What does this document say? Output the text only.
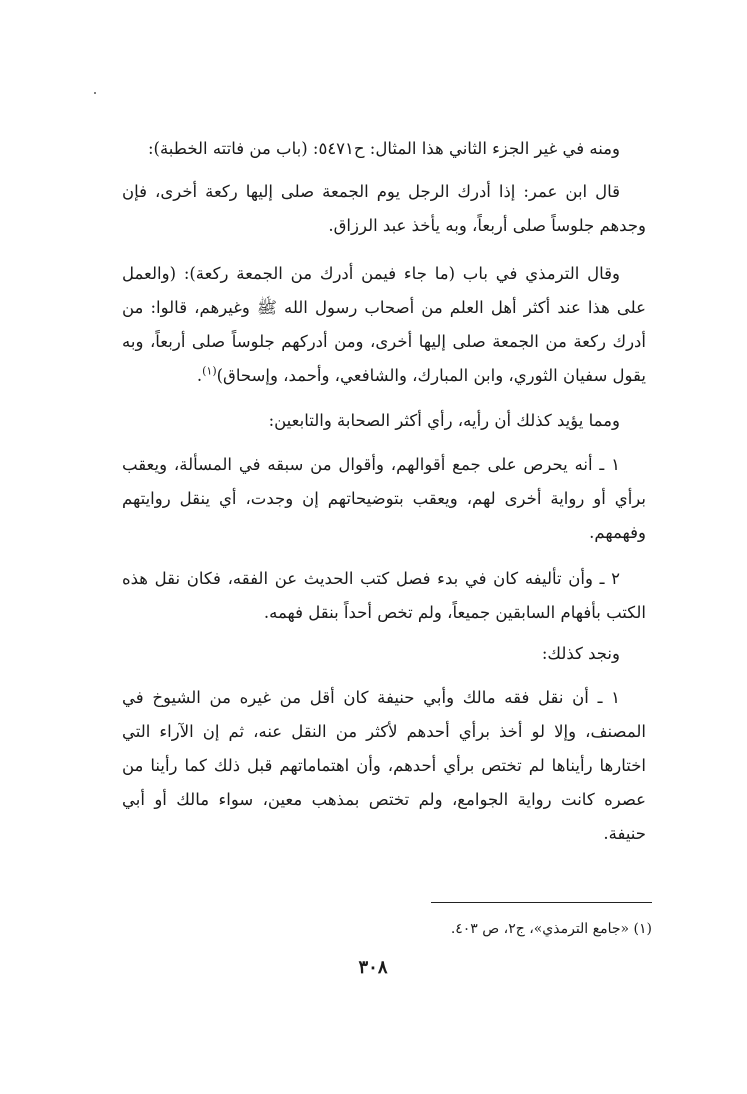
ومنه في غير الجزء الثاني هذا المثال: ح٥٤٧١: (باب من فاتته الخطبة):

قال ابن عمر: إذا أدرك الرجل يوم الجمعة صلى إليها ركعة أخرى، فإن وجدهم جلوساً صلى أربعاً، وبه يأخذ عبد الرزاق.

وقال الترمذي في باب (ما جاء فيمن أدرك من الجمعة ركعة): (والعمل على هذا عند أكثر أهل العلم من أصحاب رسول الله ﷺ وغيرهم، قالوا: من أدرك ركعة من الجمعة صلى إليها أخرى، ومن أدركهم جلوساً صلى أربعاً، وبه يقول سفيان الثوري، وابن المبارك، والشافعي، وأحمد، وإسحاق)$^{(١)}$.

ومما يؤيد كذلك أن رأيه، رأي أكثر الصحابة والتابعين:

١ ـ أنه يحرص على جمع أقوالهم، وأقوال من سبقه في المسألة، ويعقب برأي أو رواية أخرى لهم، ويعقب بتوضيحاتهم إن وجدت، أي ينقل روايتهم وفهمهم.

٢ ـ وأن تأليفه كان في بدء فصل كتب الحديث عن الفقه، فكان نقل هذه الكتب بأفهام السابقين جميعاً، ولم تخص أحداً بنقل فهمه.

ونجد كذلك:

١ ـ أن نقل فقه مالك وأبي حنيفة كان أقل من غيره من الشيوخ في المصنف، وإلا لو أخذ برأي أحدهم لأكثر من النقل عنه، ثم إن الآراء التي اختارها رأيناها لم تختص برأي أحدهم، وأن اهتماماتهم قبل ذلك كما رأينا من عصره كانت رواية الجوامع، ولم تختص بمذهب معين، سواء مالك أو أبي حنيفة.

(١) «جامع الترمذي»، ج٢، ص ٤٠٣.

٣٠٨
